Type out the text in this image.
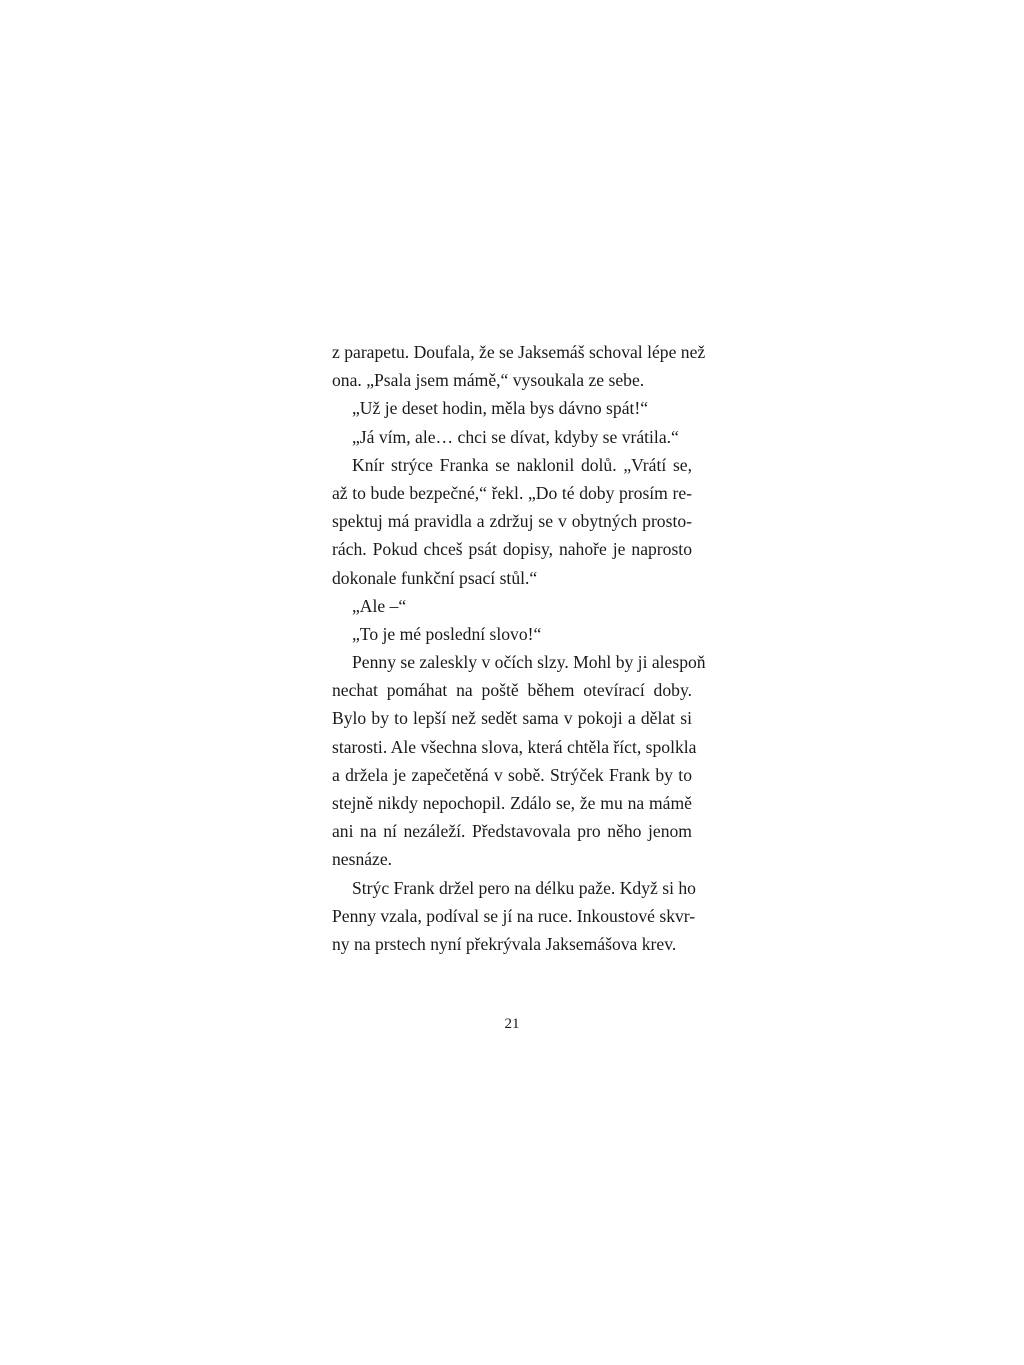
z parapetu. Doufala, že se Jaksemáš schoval lépe než
ona. „Psala jsem mámě,“ vysoukala ze sebe.
„Už je deset hodin, měla bys dávno spát!“
„Já vím, ale… chci se dívat, kdyby se vrátila.“
Knír strýce Franka se naklonil dolů. „Vrátí se,
až to bude bezpečné,“ řekl. „Do té doby prosím re-
spektuj má pravidla a zdržuj se v obytných prosto-
rách. Pokud chceš psát dopisy, nahoře je naprosto
dokonale funkční psací stůl.“
„Ale –“
„To je mé poslední slovo!“
Penny se zaleskly v očích slzy. Mohl by ji alespoň
nechat pomáhat na poště během otevírací doby.
Bylo by to lepší než sedět sama v pokoji a dělat si
starosti. Ale všechna slova, která chtěla říct, spolkla
a držela je zapečetěná v sobě. Strýček Frank by to
stejně nikdy nepochopil. Zdálo se, že mu na mámě
ani na ní nezáleží. Představovala pro něho jenom
nesnáze.
Strýc Frank držel pero na délku paže. Když si ho
Penny vzala, podíval se jí na ruce. Inkoustové skvr-
ny na prstech nyní překrývala Jaksemášova krev.
21
